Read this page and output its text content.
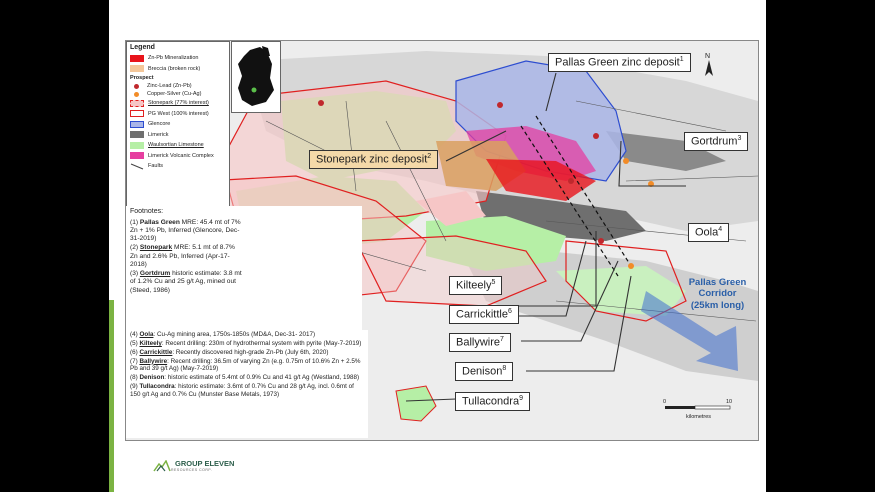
Legend
Zn-Pb Mineralization
Breccia (broken rock)
Prospect
Zinc-Lead (Zn-Pb)
Copper-Silver (Cu-Ag)
Stonepark (77% interest)
PG West (100% interest)
Glencore
Limerick
Waulsortian Limestone
Limerick Volcanic Complex
Faults
Footnotes:

(1) Pallas Green MRE: 45.4 mt of 7% Zn + 1% Pb, Inferred (Glencore, Dec-31-2019)

(2) Stonepark MRE: 5.1 mt of 8.7% Zn and 2.6% Pb, Inferred (Apr-17-2018)

(3) Gortdrum historic estimate: 3.8 mt of 1.2% Cu and 25 g/t Ag, mined out (Steed, 1986)

(4) Oola: Cu-Ag mining area, 1750s-1850s (MD&A, Dec-31- 2017)

(5) Kilteely: Recent drilling: 230m of hydrothermal system with pyrite (May-7-2019)

(6) Carrickittle: Recently discovered high-grade Zn-Pb (July 6th, 2020)

(7) Ballywire: Recent drilling: 36.5m of varying Zn (e.g. 0.75m of 10.6% Zn + 2.5% Pb and 39 g/t Ag) (May-7-2019)

(8) Denison: historic estimate of 5.4mt of 0.9% Cu and 41 g/t Ag (Westland, 1988)

(9) Tullacondra: historic estimate: 3.6mt of 0.7% Cu and 28 g/t Ag, incl. 0.6mt of 150 g/t Ag and 0.7% Cu (Munster Base Metals, 1973)

Pallas Green zinc deposit$^1$
Stonepark zinc deposit$^2$
Gortdrum$^3$
Oola$^4$
Kilteely$^5$
Carrickittle$^6$
Ballywire$^7$
Denison$^8$
Tullacondra$^9$
Pallas Green
Corridor
(25km long)
N
0	10
kilometres
GROUP ELEVEN
RESOURCES CORP.
